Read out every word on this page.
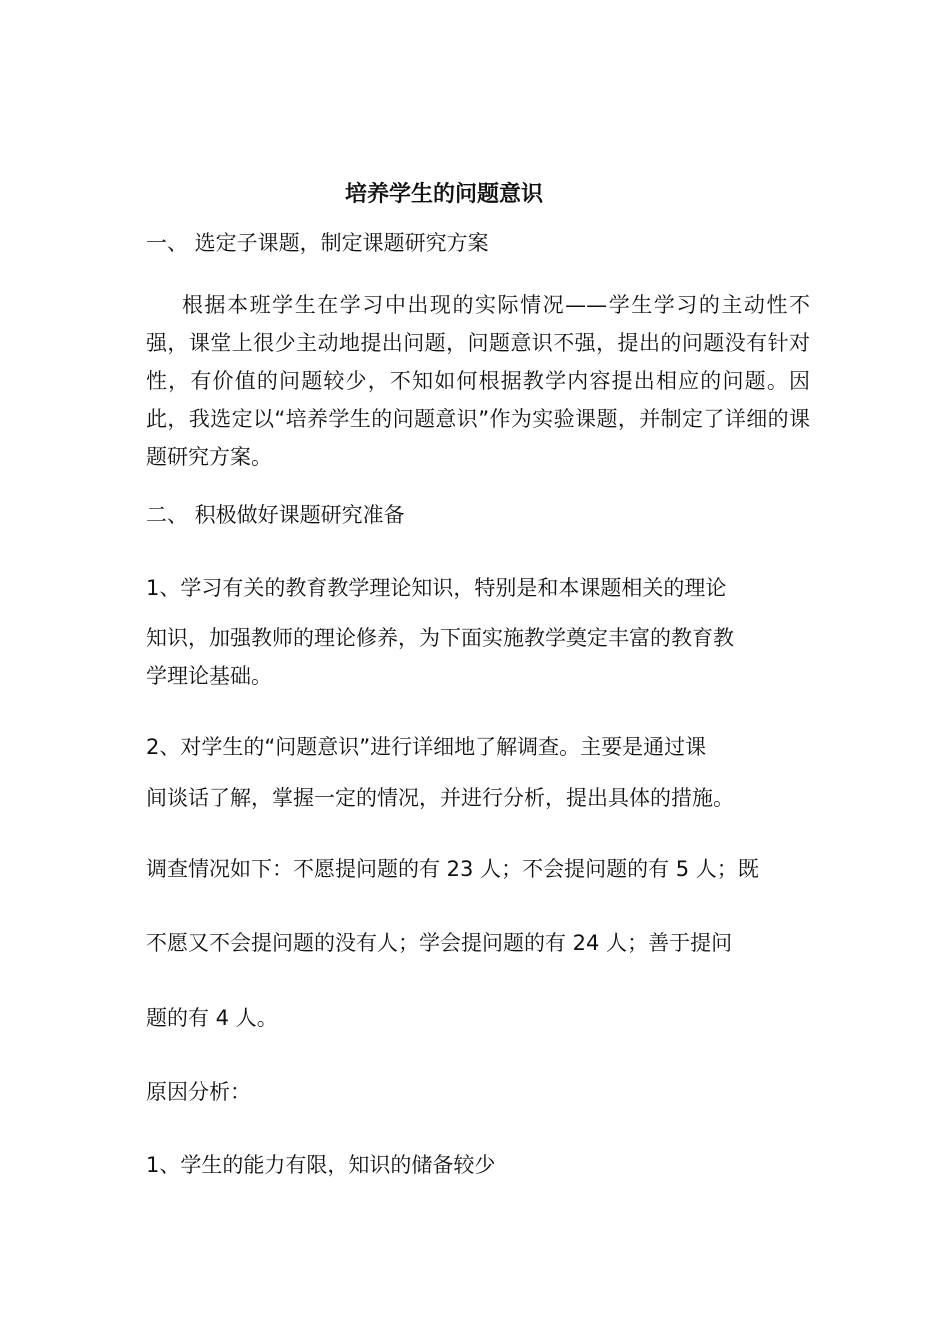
培养学生的问题意识

一、 选定子课题，制定课题研究方案

根据本班学生在学习中出现的实际情况——学生学习的主动性不强，课堂上很少主动地提出问题，问题意识不强，提出的问题没有针对性，有价值的问题较少，不知如何根据教学内容提出相应的问题。因此，我选定以“培养学生的问题意识”作为实验课题，并制定了详细的课题研究方案。

二、 积极做好课题研究准备

1、学习有关的教育教学理论知识，特别是和本课题相关的理论

知识，加强教师的理论修养，为下面实施教学奠定丰富的教育教

学理论基础。

2、对学生的“问题意识”进行详细地了解调查。主要是通过课

间谈话了解，掌握一定的情况，并进行分析，提出具体的措施。

调查情况如下：不愿提问题的有 23 人；不会提问题的有 5 人；既

不愿又不会提问题的没有人；学会提问题的有 24 人；善于提问

题的有 4 人。

原因分析：

1、学生的能力有限，知识的储备较少
